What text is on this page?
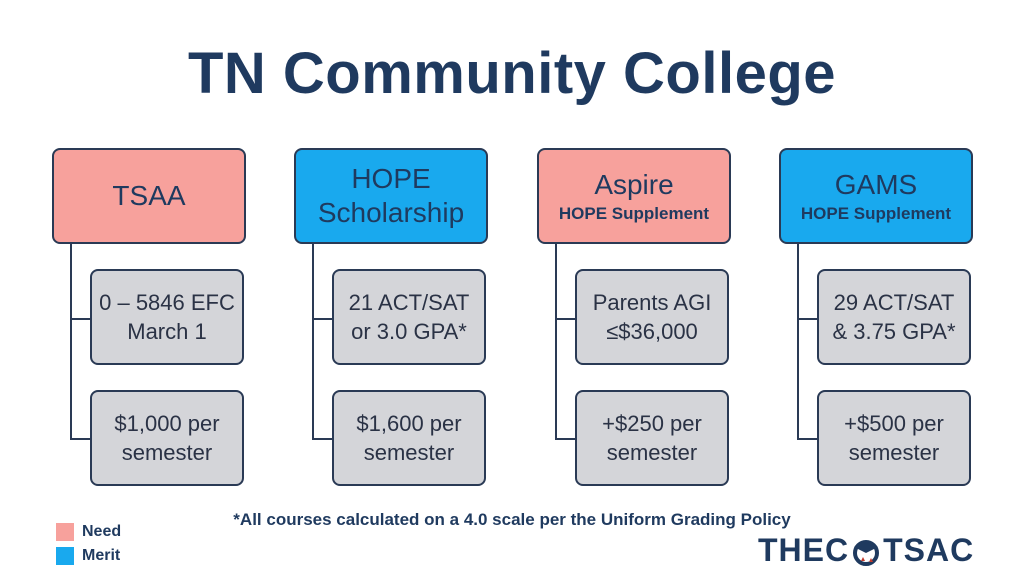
TN Community College
TSAA
0 – 5846 EFC
March 1
$1,000 per
semester
HOPE
Scholarship
21 ACT/SAT
or 3.0 GPA*
$1,600 per
semester
Aspire
HOPE Supplement
Parents AGI
≤$36,000
+$250 per
semester
GAMS
HOPE Supplement
29 ACT/SAT
& 3.75 GPA*
+$500 per
semester
*All courses calculated on a 4.0 scale per the Uniform Grading Policy
Need
Merit	THEC TSAC
